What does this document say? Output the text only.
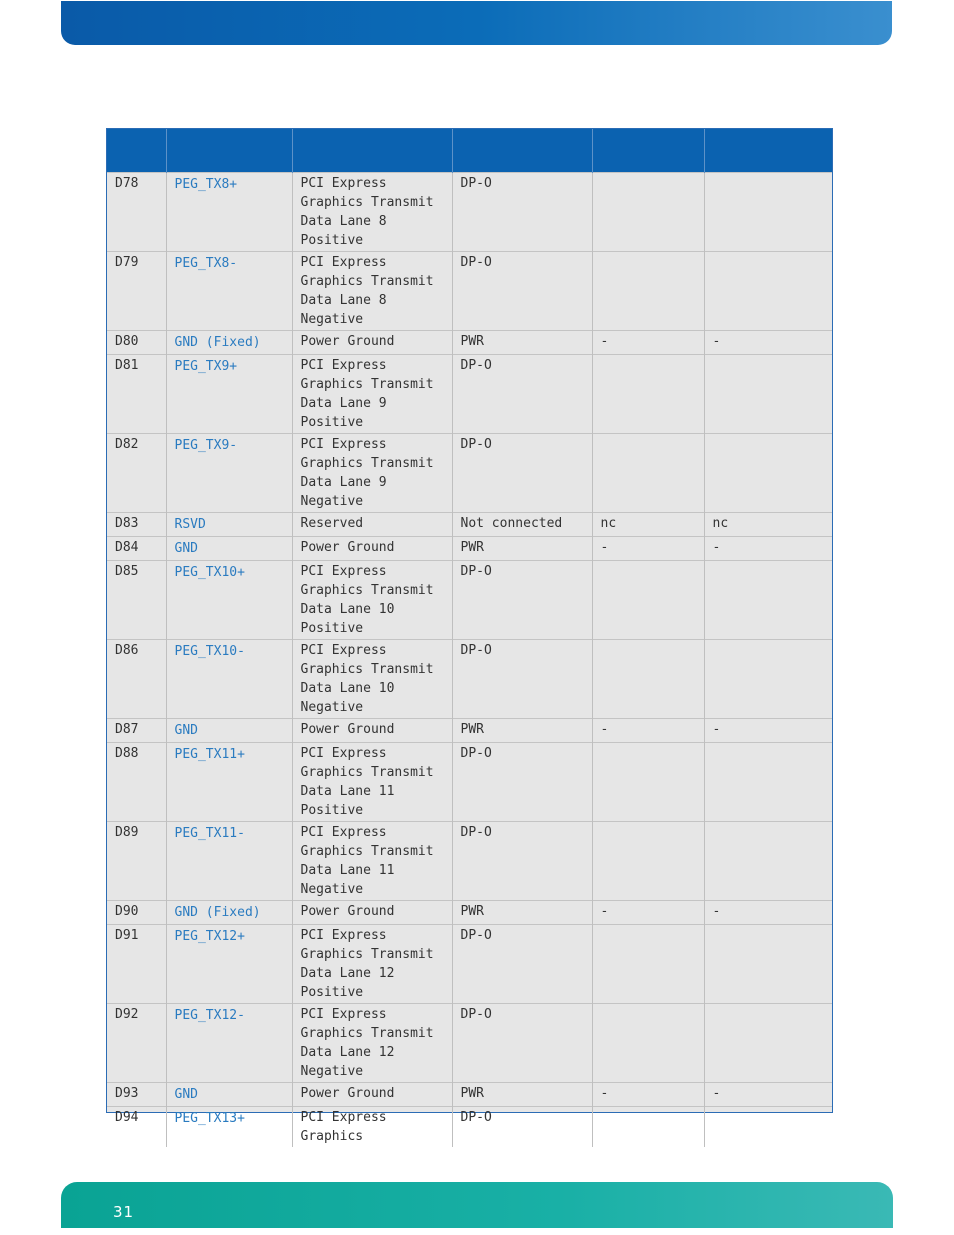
D78	PEG_TX8+	PCI Express Graphics Transmit Data Lane 8 Positive	DP-O		
D79	PEG_TX8-	PCI Express Graphics Transmit Data Lane 8 Negative	DP-O		
D80	GND (Fixed)	Power Ground	PWR	-	-
D81	PEG_TX9+	PCI Express Graphics Transmit Data Lane 9 Positive	DP-O		
D82	PEG_TX9-	PCI Express Graphics Transmit Data Lane 9 Negative	DP-O		
D83	RSVD	Reserved	Not connected	nc	nc
D84	GND	Power Ground	PWR	-	-
D85	PEG_TX10+	PCI Express Graphics Transmit Data Lane 10 Positive	DP-O		
D86	PEG_TX10-	PCI Express Graphics Transmit Data Lane 10 Negative	DP-O		
D87	GND	Power Ground	PWR	-	-
D88	PEG_TX11+	PCI Express Graphics Transmit Data Lane 11 Positive	DP-O		
D89	PEG_TX11-	PCI Express Graphics Transmit Data Lane 11 Negative	DP-O		
D90	GND (Fixed)	Power Ground	PWR	-	-
D91	PEG_TX12+	PCI Express Graphics Transmit Data Lane 12 Positive	DP-O		
D92	PEG_TX12-	PCI Express Graphics Transmit Data Lane 12 Negative	DP-O		
D93	GND	Power Ground	PWR	-	-
D94	PEG_TX13+	PCI Express Graphics	DP-O		
31
